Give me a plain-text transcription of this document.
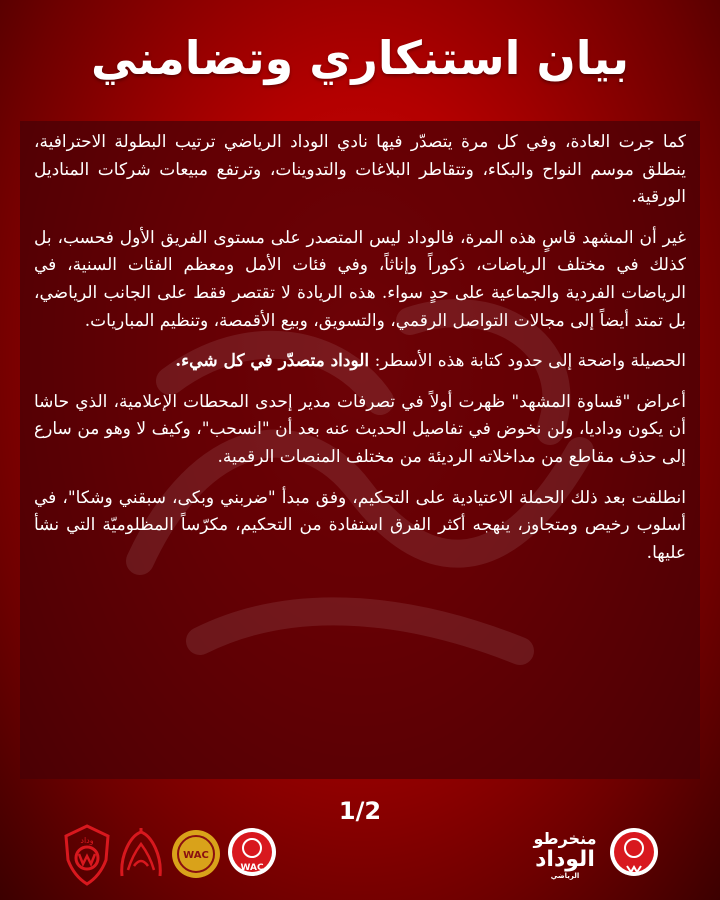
بيان استنكاري وتضامني

كما جرت العادة، وفي كل مرة يتصدّر فيها نادي الوداد الرياضي ترتيب البطولة الاحترافية، ينطلق موسم النواح والبكاء، وتتقاطر البلاغات والتدوينات، وترتفع مبيعات شركات المناديل الورقية.

غير أن المشهد قاسٍ هذه المرة، فالوداد ليس المتصدر على مستوى الفريق الأول فحسب، بل كذلك في مختلف الرياضات، ذكوراً وإناثاً، وفي فئات الأمل ومعظم الفئات السنية، في الرياضات الفردية والجماعية على حدٍ سواء. هذه الريادة لا تقتصر فقط على الجانب الرياضي، بل تمتد أيضاً إلى مجالات التواصل الرقمي، والتسويق، وبيع الأقمصة، وتنظيم المباريات.

الحصيلة واضحة إلى حدود كتابة هذه الأسطر: الوداد متصدّر في كل شيء.

أعراض "قساوة المشهد" ظهرت أولاً في تصرفات مدير إحدى المحطات الإعلامية، الذي حاشا أن يكون وداديا، ولن نخوض في تفاصيل الحديث عنه بعد أن "انسحب"، وكيف لا وهو من سارع إلى حذف مقاطع من مداخلاته الرديئة من مختلف المنصات الرقمية.

انطلقت بعد ذلك الحملة الاعتيادية على التحكيم، وفق مبدأ "ضربني وبكى، سبقني وشكا"، في أسلوب رخيص ومتجاوز، ينهجه أكثر الفرق استفادة من التحكيم، مكرّساً المظلوميّة التي نشأ عليها.

1/2
وداد
WAC
WAC
منخرطو
الوداد
الرياضي
